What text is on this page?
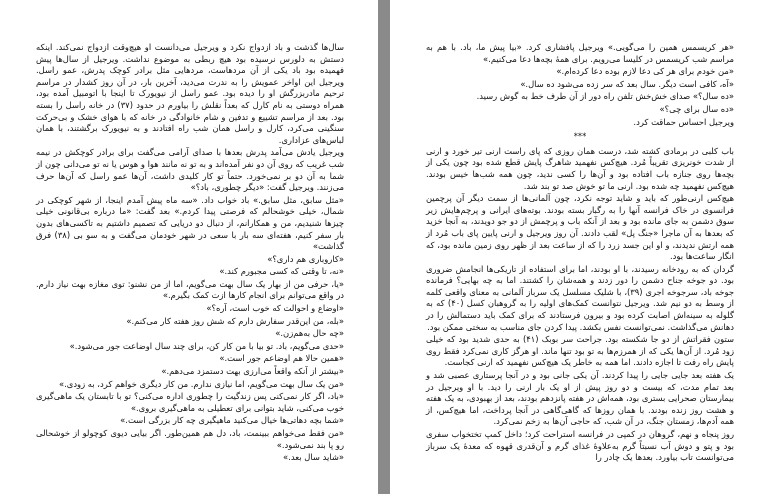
سال‌ها گذشت و باد ازدواج نکرد و ویرجیل می‌دانست او هیچ‌وقت ازدواج نمی‌کند. اینکه دستش به دلورس نرسیده بود هیچ ربطی به موضوع نداشت. ویرجیل از سال‌ها پیش فهمیده بود باد یکی از آن مردهاست، مردهایی مثل برادر کوچک پدرش، عمو راسل. ویرجیل این اواخر عمویش را به ندرت می‌دید، آخرین بار، در آن روز کشدار در مراسم ترحیم مادربزرگش او را دیده بود. عمو راسل از نیویورک تا اینجا با اتومبیل آمده بود، همراه دوستی به نام کارل که بعداً نقلش را بیاورم در حدود (۳۷) در خانه راسل را بسته بود. بعد از مراسم تشییع و تدفین و شام خانوادگی در خانه که با هوای خشک و بی‌حرکت سنگینی می‌کرد، کارل و راسل همان شب راه افتادند و به نیویورک برگشتند، با همان لباس‌های عزاداری.

ویرجیل یادش می‌آمد پدرش بعدها با صدای آرامی می‌گفت برای برادر کوچکش در نیمه شب غریب که روی آن دو نفر آمده‌اند و به تو نه مانند هوا و هوس یا نه تو می‌دانی چون از شما به آن دو بر نمی‌خورد. حتماً تو کار کلیدی داشت، آن‌ها عمو راسل که آن‌ها حرف می‌زنند. ویرجیل گفت: «دیگر چطوری، باد؟»

«مثل سابق، مثل سابق.» باد خواب داد. «سه ماه پیش آمدم اینجا، از شهر کوچکی در شمال، خیلی خوشحالم که فرصتی پیدا کردم.» بعد گفت: «ما درباره بی‌قانونی خیلی چیزها شنیدیم، من و همکارانم، از دنبال دو دریایی که تصمیم داشتیم به تاکسی‌های بدون بار سفر کنیم، هفته‌ای سه بار با سعی در شهر خودمان می‌گفت و به سو بی (۳۸) فرق گذاشت»

«کاروباری هم داری؟»

«نه، تا وقتی که کسی مجبورم کند.»

«یا، حرفی من از بهار یک سال بهت می‌گویم، اما از من نشنو: توی مغازه بهت نیاز دارم. در واقع می‌توانم برای انجام کارها ازت کمک بگیرم.»

«اوضاع و احوالت که خوب است، آره؟»

«بله، من این‌قدر سفارش دارم که شش روز هفته کار می‌کنم.»

«چه حال به‌هم‌زن.»

«حدی می‌گویم، باد. تو بیا با من کار کن، برای چند سال اوضاعت جور می‌شود.»

«همین حالا هم اوضاعم جور است.»

«بیشتر از آنکه واقعاً می‌ارزی بهت دستمزد می‌دهم.»

«من یک سال بهت می‌گویم، اما نیازی ندارم. من کار دیگری خواهم کرد، به زودی.»

«باد، اگر کار نمی‌کنی پس زندگیت را چطوری اداره می‌کنی؟ تو با تابستان یک ماهی‌گیری خوب می‌کنی، شاید بتوانی برای تعطیلی به ماهی‌گیری بروی.»

«شما بچه دهاتی‌ها خیال می‌کنید ماهیگیری چه کار بزرگی است.»

«من فقط می‌خواهم ببینمت، باد، دل هم همین‌طور. اگر بیایی دیوی کوچولو از خوشحالی رو پا بند نمی‌شود.»

«شاید سال بعد.»

«هر کریسمس همین را می‌گویی.» ویرجیل پافشاری کرد. «بیا پیش ما، باد. با هم به مراسم شب کریسمس در کلیسا می‌رویم. برای همهٔ بچه‌ها دعا می‌کنیم.»

«من خودم برای هر کی دعا لازم بوده دعا کرده‌ام.»

«آه، کافی است دیگر. سال بعد که سر زده می‌شود ده سال.»

«ده سال؟» صدای خش‌خش تلفن راه دور از آن طرف خط به گوش رسید.

«ده سال برای چی؟»

ویرجیل احساس حماقت کرد.

***

باب کلبی در برمادی کشته شد، درست همان روزی که پای راست ارنی تیر خورد و ارنی از شدت خونریزی تقریباً مُرد. هیچ‌کس نفهمید شاهرگ پایش قطع شده بود چون یکی از بچه‌ها روی جنازه باب افتاده بود و آن‌ها را کسی ندید، چون همه شب‌ها خیس بودند. هیچ‌کس نفهمید چه شده بود. ارنی ما تو خوش صد تو بند شد.

هیچ‌کس ارنی‌طور که باید و شاید توجه نکرد، چون آلمانی‌ها از سمت دیگر آن پرچمین فرانسوی در خاک فرانسه آنها را به رگبار بسته بودند. بوته‌های ایرانی و پرچم‌هایش زیر سوق دشمن به جای مانده بود و بعد از آنکه باب و پرچمش از دو جو دویدند، به آنجا خزید که بعدها به آن ماجرا «جنگ پل» لقب دادند. آن روز ویرجیل و ارنی پایین پای باب مُرد از همه ارتش ندیدند، و او این جسد زرد را که از ساعت بعد از ظهر روی زمین مانده بود، که انگار ساعت‌ها بود.

گردان که به رودخانه رسیدند، با او بودند، اما برای استفاده از تاریکی‌ها انجامش ضروری بود. دو جوخه جناح دشمن را دور زدند و همه‌شان را کشتند. اما به چه بهایی؟ فرمانده جوخه باد، سرجوخه اجری (۳۹)، با شلیک مسلسل یک سرباز آلمانی به معنای واقعی کلمه از وسط به دو نیم شد. ویرجیل نتوانست کمک‌های اولیه را به گروهبان کسل (۴۰) که به گلوله به سینه‌اش اصابت کرده بود و بیرون فرستادند که برای کمک باید دستمالش را در دهانش می‌گذاشت. نمی‌توانست نفس بکشد. پیدا کردن جای مناسب به سختی ممکن بود.

ستون فقراتش از دو جا شکسته بود. جراحت سر بوبک (۴۱) به حدی شدید بود که خیلی زود مُرد. از آن‌ها یکی که از همرزم‌ها به تو بود تنها ماند. او هرگز کاری نمی‌کرد فقط روی پایش راه رفت تا اجازه دادند. اما همه به خاطر یک هیچ‌کس نفهمید که ارنی کجاست.

یک هفته بعد جایی جایی را پیدا کردند. آن یکی جانی بود و در آنجا پرستاری عصبی شد و بعد تمام مدت، که بیست و دو روز پیش از او یک بار ارنی را دید. با او ویرجیل در بیمارستان صحرایی بستری بود، همه‌اش در هفته پانزدهم بودند، بعد از بهبودی، به یک هفته و هشت روز زنده بودند. با همان روزها که گاهی‌گاهی در آنجا پرداخت، اما هیچ‌کس، از همه آدم‌ها، زمستان جنگ، در آن شب، که حاجی آن‌ها به زخم نمی‌کرد.

روز پنجاه و نهم، گروهان در کمپی در فرانسه استراحت کرد؛ داخل کمپ تختخواب سفری بود و پتو و دوش آب نسبتاً گرم به‌علاوهٔ غذای گرم و آن‌قدری قهوه که معدهٔ یک سرباز می‌توانست تاب بیاورد. بعدها یک چادر را
